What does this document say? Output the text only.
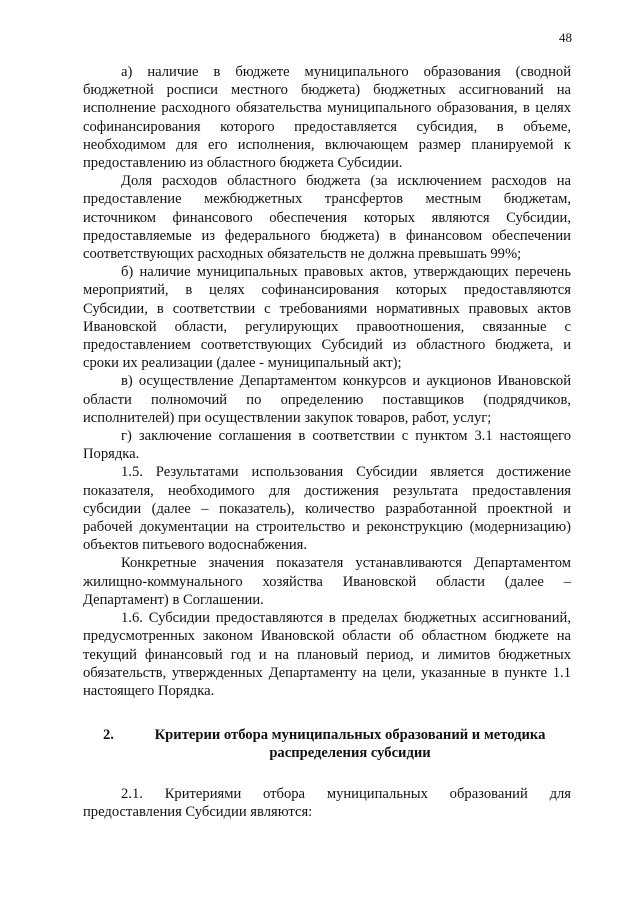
48

а) наличие в бюджете муниципального образования (сводной бюджетной росписи местного бюджета) бюджетных ассигнований на исполнение расходного обязательства муниципального образования, в целях софинансирования которого предоставляется субсидия, в объеме, необходимом для его исполнения, включающем размер планируемой к предоставлению из областного бюджета Субсидии.

Доля расходов областного бюджета (за исключением расходов на предоставление межбюджетных трансфертов местным бюджетам, источником финансового обеспечения которых являются Субсидии, предоставляемые из федерального бюджета) в финансовом обеспечении соответствующих расходных обязательств не должна превышать 99%;

б) наличие муниципальных правовых актов, утверждающих перечень мероприятий, в целях софинансирования которых предоставляются Субсидии, в соответствии с требованиями нормативных правовых актов Ивановской области, регулирующих правоотношения, связанные с предоставлением соответствующих Субсидий из областного бюджета, и сроки их реализации (далее - муниципальный акт);

в) осуществление Департаментом конкурсов и аукционов Ивановской области полномочий по определению поставщиков (подрядчиков, исполнителей) при осуществлении закупок товаров, работ, услуг;

г) заключение соглашения в соответствии с пунктом 3.1 настоящего Порядка.

1.5. Результатами использования Субсидии является достижение показателя, необходимого для достижения результата предоставления субсидии (далее – показатель), количество разработанной проектной и рабочей документации на строительство и реконструкцию (модернизацию) объектов питьевого водоснабжения.

Конкретные значения показателя устанавливаются Департаментом жилищно-коммунального хозяйства Ивановской области (далее – Департамент) в Соглашении.

1.6. Субсидии предоставляются в пределах бюджетных ассигнований, предусмотренных законом Ивановской области об областном бюджете на текущий финансовый год и на плановый период, и лимитов бюджетных обязательств, утвержденных Департаменту на цели, указанные в пункте 1.1 настоящего Порядка.

2.	Критерии отбора муниципальных образований и методика распределения субсидии

2.1. Критериями отбора муниципальных образований для предоставления Субсидии являются:
